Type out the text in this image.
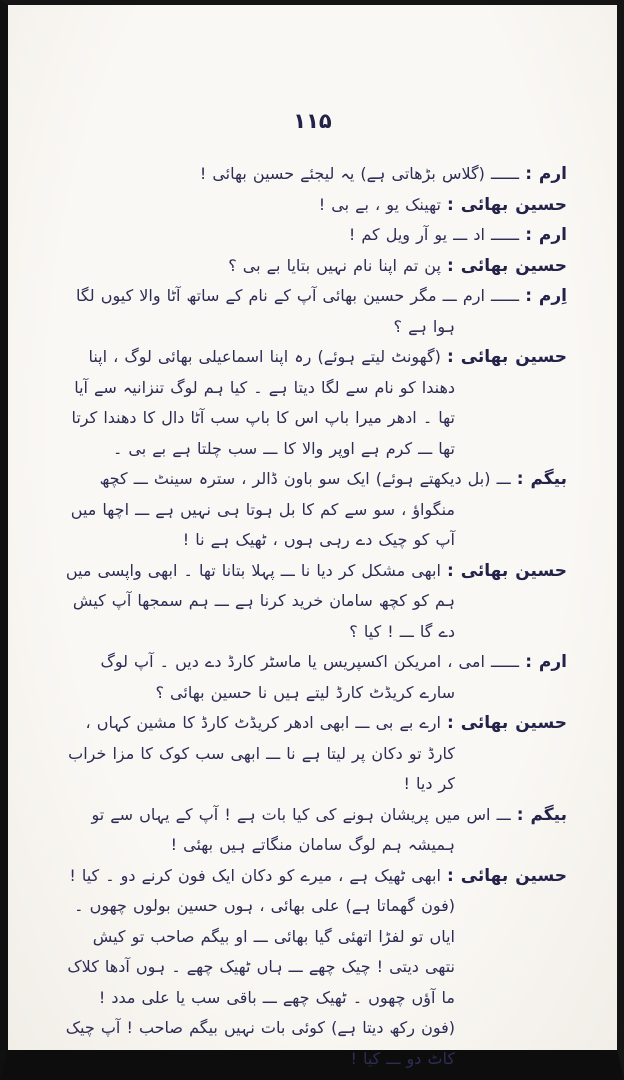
۱۱۵

ارم : ــــــ (گلاس بڑھاتی ہے) یہ لیجئے حسین بھائی !

حسین بھائی : تھینک یو ، بے بی !

ارم : ــــــ اد ـــ یو آر ویل کم !

حسین بھائی : پن تم اپنا نام نہیں بتایا بے بی ؟

اِرم : ــــــ ارم ـــ مگر حسین بھائی آپ کے نام کے ساتھ آٹا والا کیوں لگا ہوا ہے ؟

حسین بھائی : (گھونٹ لیتے ہوئے) رہ اپنا اسماعیلی بھائی لوگ ، اپنا دھندا کو نام سے لگا دیتا ہے ۔ کیا ہم لوگ تنزانیہ سے آیا تھا ۔ ادھر میرا باپ اس کا باپ سب آٹا دال کا دھندا کرتا تھا ـــ کرم ہے اوپر والا کا ـــ سب چلتا ہے بے بی ۔

بیگم : ـــ (بل دیکھتے ہوئے) ایک سو باون ڈالر ، سترہ سینٹ ـــ کچھ منگواؤ ، سو سے کم کا بل ہوتا ہی نہیں ہے ـــ اچھا میں آپ کو چیک دے رہی ہوں ، ٹھیک ہے نا !

حسین بھائی : ابھی مشکل کر دیا نا ـــ پہلا بتانا تھا ۔ ابھی واپسی میں ہم کو کچھ سامان خرید کرنا ہے ـــ ہم سمجھا آپ کیش دے گا ـــ ! کیا ؟

ارم : ــــــ امی ، امریکن اکسپریس یا ماسٹر کارڈ دے دیں ۔ آپ لوگ سارے کریڈٹ کارڈ لیتے ہیں نا حسین بھائی ؟

حسین بھائی : ارے بے بی ـــ ابھی ادھر کریڈٹ کارڈ کا مشین کہاں ، کارڈ تو دکان پر لیتا ہے نا ـــ ابھی سب کوک کا مزا خراب کر دیا !

بیگم : ـــ اس میں پریشان ہونے کی کیا بات ہے ! آپ کے یہاں سے تو ہمیشہ ہم لوگ سامان منگاتے ہیں بھئی !

حسین بھائی : ابھی ٹھیک ہے ، میرے کو دکان ایک فون کرنے دو ۔ کیا ! (فون گھماتا ہے) علی بھائی ، ہوں حسین بولوں چھوں ۔ ایاں تو لفڑا اتھئی گیا بھائی ـــ او بیگم صاحب تو کیش نتھی دیتی ! چیک چھے ـــ ہاں ٹھیک چھے ۔ ہوں آدھا کلاک ما آؤں چھوں ۔ ٹھیک چھے ـــ باقی سب یا علی مدد ! (فون رکھ دیتا ہے) کوئی بات نہیں بیگم صاحب ! آپ چیک کاٹ دو ـــ کیا !
